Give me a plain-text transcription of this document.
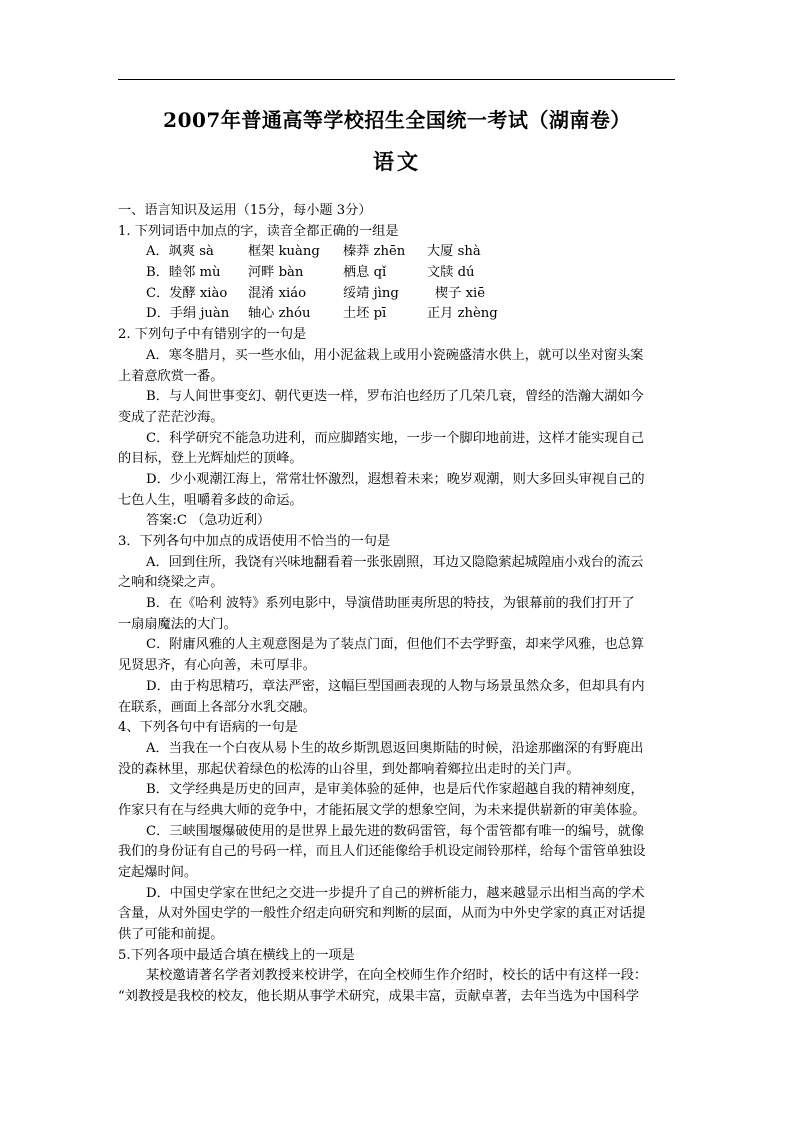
2007年普通高等学校招生全国统一考试（湖南卷）
语文
一、语言知识及运用（15分，每小题 3分）
1. 下列词语中加点的字，读音全都正确的一组是
A．飒爽 sà	框架 kuàng	榛莽 zhēn	大厦 shà
B．睦邻 mù	河畔 bàn	栖息 qǐ	文牍 dú
C．发酵 xiào	混淆 xiáo	绥靖 jìng	楔子 xiē
D．手绢 juàn	轴心 zhóu	土坯 pī	正月 zhèng
2. 下列句子中有错别字的一句是
A．寒冬腊月，买一些水仙，用小泥盆栽上或用小瓷碗盛清水供上，就可以坐对窗头案
上着意欣赏一番。
B．与人间世事变幻、朝代更迭一样，罗布泊也经历了几荣几衰，曾经的浩瀚大湖如今
变成了茫茫沙海。
C．科学研究不能急功进利，而应脚踏实地，一步一个脚印地前进，这样才能实现自己
的目标，登上光辉灿烂的顶峰。
D．少小观潮江海上，常常壮怀激烈，遐想着未来；晚岁观潮，则大多回头审视自己的
七色人生，咀嚼着多歧的命运。
答案:C （急功近利）
3．下列各句中加点的成语使用不恰当的一句是
A．回到住所，我饶有兴味地翻看着一张张剧照，耳边又隐隐萦起城隍庙小戏台的流云
之响和绕梁之声。
B．在《哈利 波特》系列电影中，导演借助匪夷所思的特技，为银幕前的我们打开了
一扇扇魔法的大门。
C．附庸风雅的人主观意图是为了装点门面，但他们不去学野蛮，却来学风雅，也总算
见贤思齐，有心向善，未可厚非。
D．由于构思精巧，章法严密，这幅巨型国画表现的人物与场景虽然众多，但却具有内
在联系，画面上各部分水乳交融。
4、下列各句中有语病的一句是
A．当我在一个白夜从易卜生的故乡斯凯恩返回奥斯陆的时候，沿途那幽深的有野鹿出
没的森林里，那起伏着绿色的松涛的山谷里，到处都响着鄉拉出走时的关门声。
B．文学经典是历史的回声，是审美体验的延伸，也是后代作家超越自我的精神刻度，
作家只有在与经典大师的竞争中，才能拓展文学的想象空间，为未来提供崭新的审美体验。
C．三峡围堰爆破使用的是世界上最先进的数码雷管，每个雷管都有唯一的编号，就像
我们的身份证有自己的号码一样，而且人们还能像给手机设定闹铃那样，给每个雷管单独设
定起爆时间。
D．中国史学家在世纪之交进一步提升了自己的辨析能力，越来越显示出相当高的学术
含量，从对外国史学的一般性介绍走向研究和判断的层面，从而为中外史学家的真正对话提
供了可能和前提。
5.下列各项中最适合填在横线上的一项是
某校邀请著名学者刘教授来校讲学，在向全校师生作介绍时，校长的话中有这样一段：
“刘教授是我校的校友，他长期从事学术研究，成果丰富，贡献卓著，去年当选为中国科学
